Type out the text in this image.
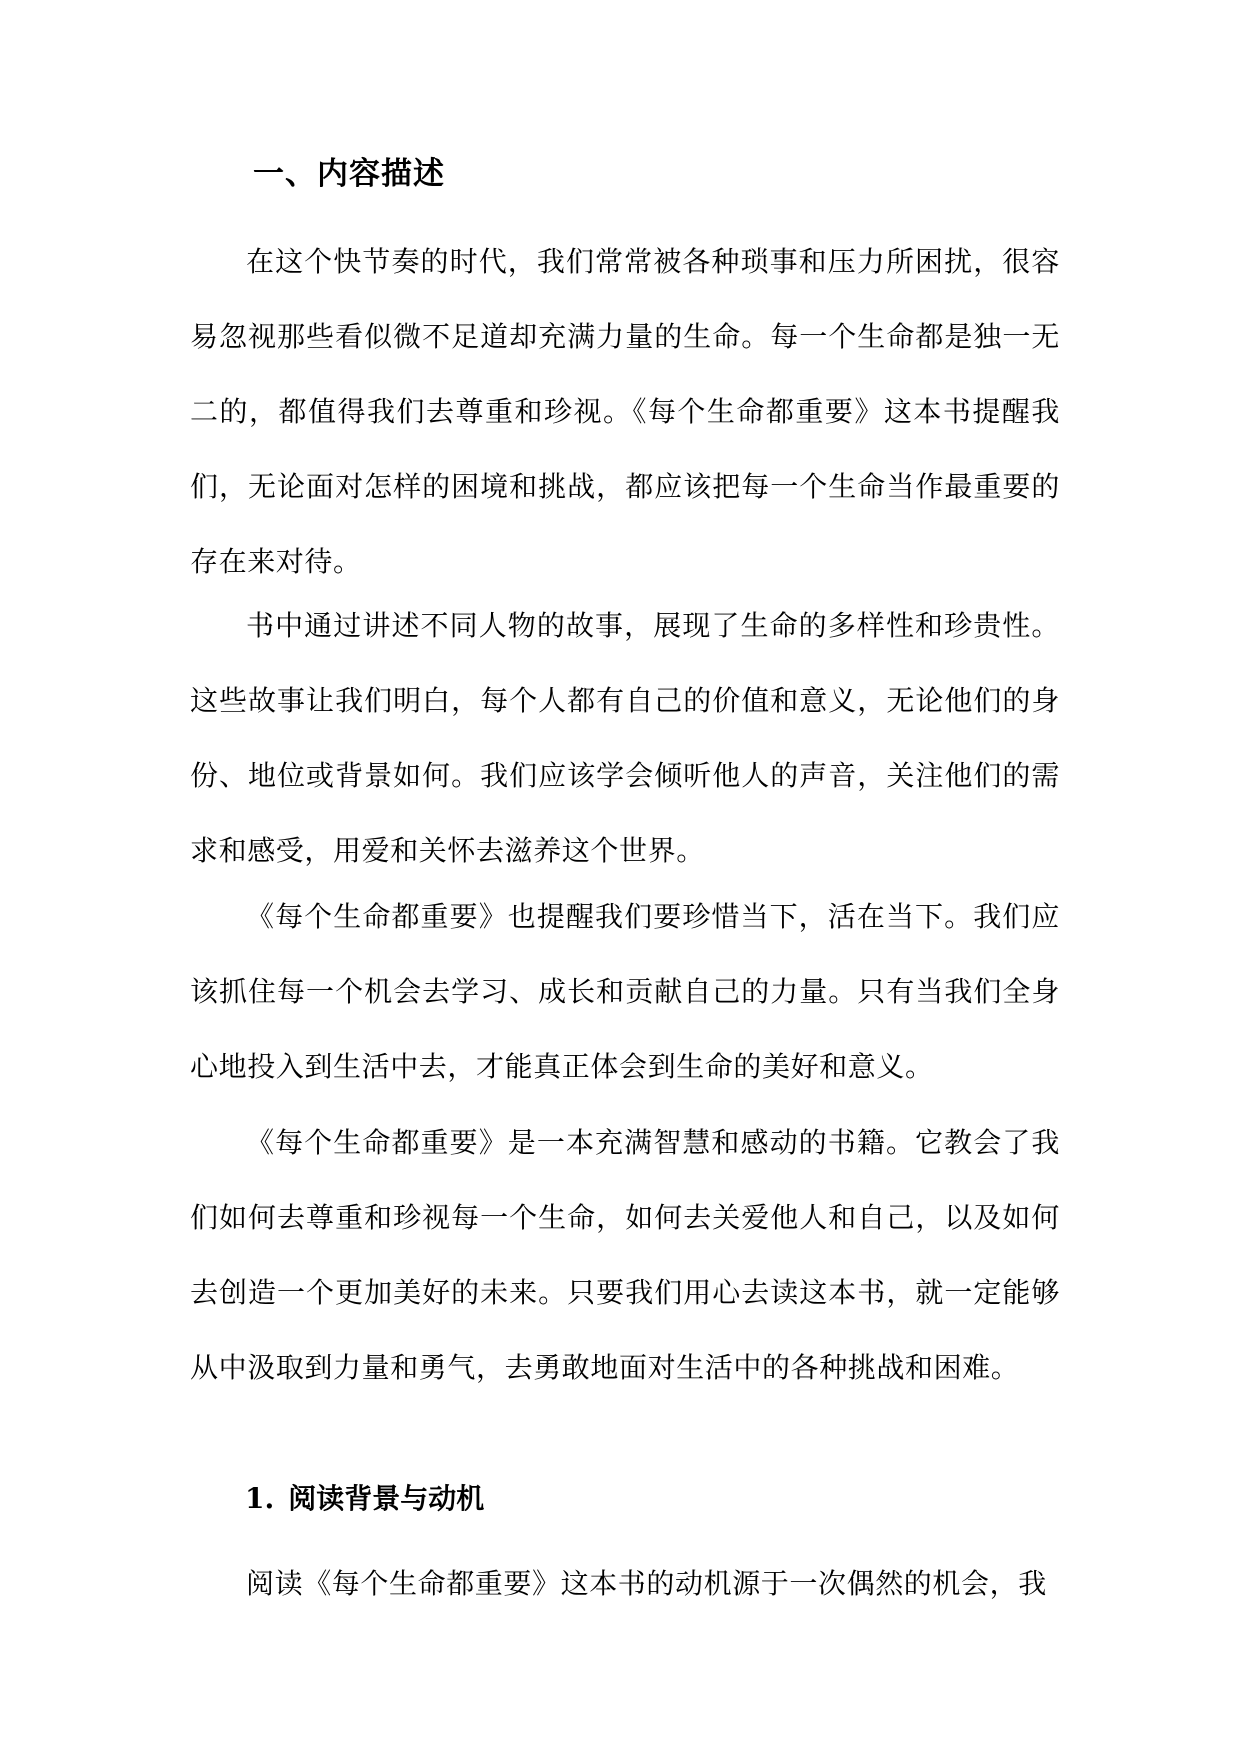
一、内容描述

在这个快节奏的时代，我们常常被各种琐事和压力所困扰，很容易忽视那些看似微不足道却充满力量的生命。每一个生命都是独一无二的，都值得我们去尊重和珍视。《每个生命都重要》这本书提醒我们，无论面对怎样的困境和挑战，都应该把每一个生命当作最重要的存在来对待。

书中通过讲述不同人物的故事，展现了生命的多样性和珍贵性。这些故事让我们明白，每个人都有自己的价值和意义，无论他们的身份、地位或背景如何。我们应该学会倾听他人的声音，关注他们的需求和感受，用爱和关怀去滋养这个世界。

《每个生命都重要》也提醒我们要珍惜当下，活在当下。我们应该抓住每一个机会去学习、成长和贡献自己的力量。只有当我们全身心地投入到生活中去，才能真正体会到生命的美好和意义。

《每个生命都重要》是一本充满智慧和感动的书籍。它教会了我们如何去尊重和珍视每一个生命，如何去关爱他人和自己，以及如何去创造一个更加美好的未来。只要我们用心去读这本书，就一定能够从中汲取到力量和勇气，去勇敢地面对生活中的各种挑战和困难。

1. 阅读背景与动机

阅读《每个生命都重要》这本书的动机源于一次偶然的机会，我
